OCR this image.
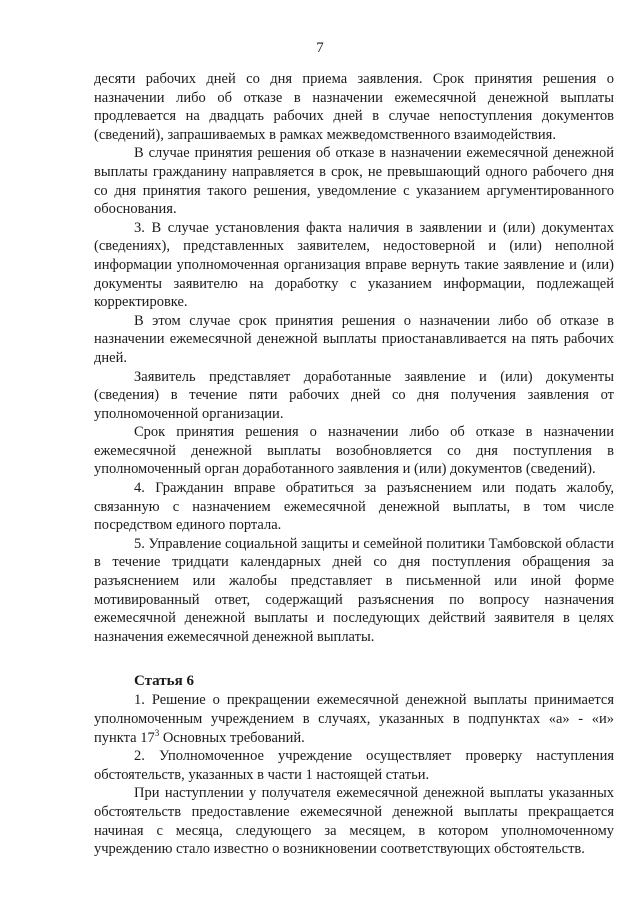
7

десяти рабочих дней со дня приема заявления. Срок принятия решения о назначении либо об отказе в назначении ежемесячной денежной выплаты продлевается на двадцать рабочих дней в случае непоступления документов (сведений), запрашиваемых в рамках межведомственного взаимодействия.

В случае принятия решения об отказе в назначении ежемесячной денежной выплаты гражданину направляется в срок, не превышающий одного рабочего дня со дня принятия такого решения, уведомление с указанием аргументированного обоснования.

3. В случае установления факта наличия в заявлении и (или) документах (сведениях), представленных заявителем, недостоверной и (или) неполной информации уполномоченная организация вправе вернуть такие заявление и (или) документы заявителю на доработку с указанием информации, подлежащей корректировке.

В этом случае срок принятия решения о назначении либо об отказе в назначении ежемесячной денежной выплаты приостанавливается на пять рабочих дней.

Заявитель представляет доработанные заявление и (или) документы (сведения) в течение пяти рабочих дней со дня получения заявления от уполномоченной организации.

Срок принятия решения о назначении либо об отказе в назначении ежемесячной денежной выплаты возобновляется со дня поступления в уполномоченный орган доработанного заявления и (или) документов (сведений).

4. Гражданин вправе обратиться за разъяснением или подать жалобу, связанную с назначением ежемесячной денежной выплаты, в том числе посредством единого портала.

5. Управление социальной защиты и семейной политики Тамбовской области в течение тридцати календарных дней со дня поступления обращения за разъяснением или жалобы представляет в письменной или иной форме мотивированный ответ, содержащий разъяснения по вопросу назначения ежемесячной денежной выплаты и последующих действий заявителя в целях назначения ежемесячной денежной выплаты.

Статья 6

1. Решение о прекращении ежемесячной денежной выплаты принимается уполномоченным учреждением в случаях, указанных в подпунктах «а» - «и» пункта $17^3$ Основных требований.

2. Уполномоченное учреждение осуществляет проверку наступления обстоятельств, указанных в части 1 настоящей статьи.

При наступлении у получателя ежемесячной денежной выплаты указанных обстоятельств предоставление ежемесячной денежной выплаты прекращается начиная с месяца, следующего за месяцем, в котором уполномоченному учреждению стало известно о возникновении соответствующих обстоятельств.
